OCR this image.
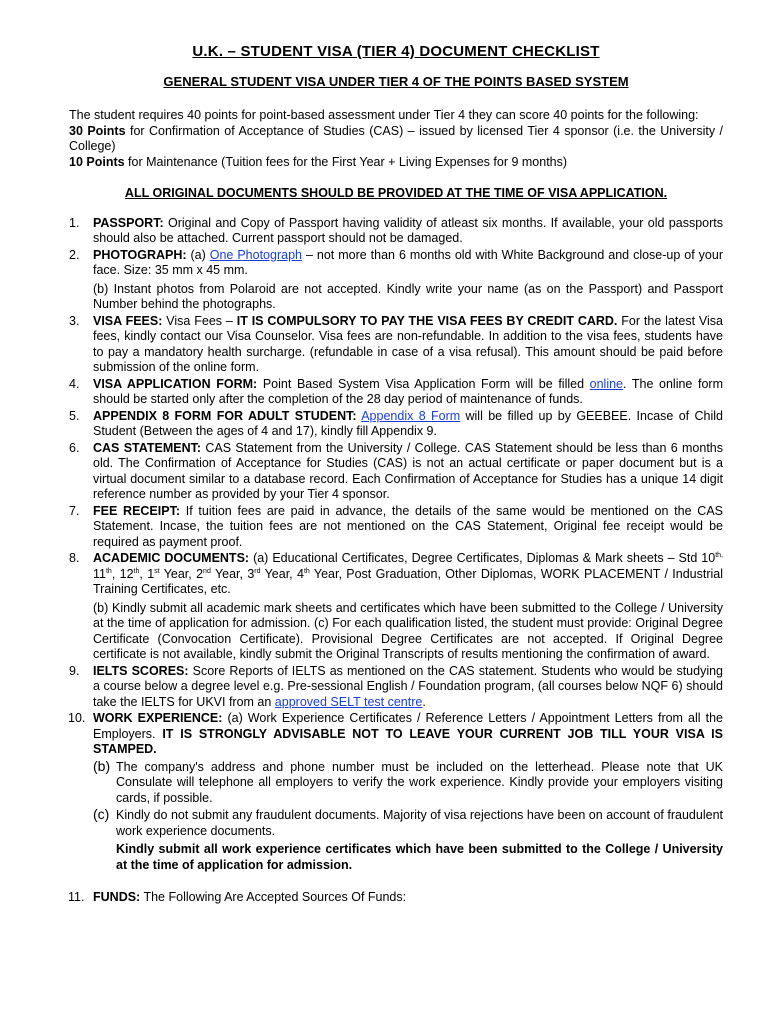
U.K. – STUDENT VISA (TIER 4) DOCUMENT CHECKLIST
GENERAL STUDENT VISA UNDER TIER 4 OF THE POINTS BASED SYSTEM

The student requires 40 points for point-based assessment under Tier 4 they can score 40 points for the following:

30 Points for Confirmation of Acceptance of Studies (CAS) – issued by licensed Tier 4 sponsor (i.e. the University / College)

10 Points for Maintenance (Tuition fees for the First Year + Living Expenses for 9 months)

ALL ORIGINAL DOCUMENTS SHOULD BE PROVIDED AT THE TIME OF VISA APPLICATION.
1.	PASSPORT: Original and Copy of Passport having validity of atleast six months. If available, your old passports should also be attached. Current passport should not be damaged.
2.	PHOTOGRAPH: (a) One Photograph – not more than 6 months old with White Background and close-up of your face. Size: 35 mm x 45 mm.
(b) Instant photos from Polaroid are not accepted. Kindly write your name (as on the Passport) and Passport Number behind the photographs.
3.	VISA FEES: Visa Fees – IT IS COMPULSORY TO PAY THE VISA FEES BY CREDIT CARD. For the latest Visa fees, kindly contact our Visa Counselor. Visa fees are non-refundable. In addition to the visa fees, students have to pay a mandatory health surcharge. (refundable in case of a visa refusal). This amount should be paid before submission of the online form.
4.	VISA APPLICATION FORM: Point Based System Visa Application Form will be filled online. The online form should be started only after the completion of the 28 day period of maintenance of funds.
5.	APPENDIX 8 FORM FOR ADULT STUDENT: Appendix 8 Form will be filled up by GEEBEE. Incase of Child Student (Between the ages of 4 and 17), kindly fill Appendix 9.
6.	CAS STATEMENT: CAS Statement from the University / College. CAS Statement should be less than 6 months old. The Confirmation of Acceptance for Studies (CAS) is not an actual certificate or paper document but is a virtual document similar to a database record. Each Confirmation of Acceptance for Studies has a unique 14 digit reference number as provided by your Tier 4 sponsor.
7.	FEE RECEIPT: If tuition fees are paid in advance, the details of the same would be mentioned on the CAS Statement. Incase, the tuition fees are not mentioned on the CAS Statement, Original fee receipt would be required as payment proof.
8.	ACADEMIC DOCUMENTS: (a) Educational Certificates, Degree Certificates, Diplomas & Mark sheets – Std $10^{th,}$ 11th, 12th, 1st Year, 2nd Year, 3rd Year, 4th Year, Post Graduation, Other Diplomas, WORK PLACEMENT / Industrial Training Certificates, etc.
(b) Kindly submit all academic mark sheets and certificates which have been submitted to the College / University at the time of application for admission. (c) For each qualification listed, the student must provide: Original Degree Certificate (Convocation Certificate). Provisional Degree Certificates are not accepted. If Original Degree certificate is not available, kindly submit the Original Transcripts of results mentioning the confirmation of award.
9.	IELTS SCORES: Score Reports of IELTS as mentioned on the CAS statement. Students who would be studying a course below a degree level e.g. Pre-sessional English / Foundation program, (all courses below NQF 6) should take the IELTS for UKVI from an approved SELT test centre.
10. WORK EXPERIENCE: (a) Work Experience Certificates / Reference Letters / Appointment Letters from all the Employers. IT IS STRONGLY ADVISABLE NOT TO LEAVE YOUR CURRENT JOB TILL YOUR VISA IS STAMPED.
(b) The company's address and phone number must be included on the letterhead. Please note that UK Consulate will telephone all employers to verify the work experience. Kindly provide your employers visiting cards, if possible.
(c) Kindly do not submit any fraudulent documents. Majority of visa rejections have been on account of fraudulent work experience documents.
Kindly submit all work experience certificates which have been submitted to the College / University at the time of application for admission.
11. FUNDS: The Following Are Accepted Sources Of Funds:
